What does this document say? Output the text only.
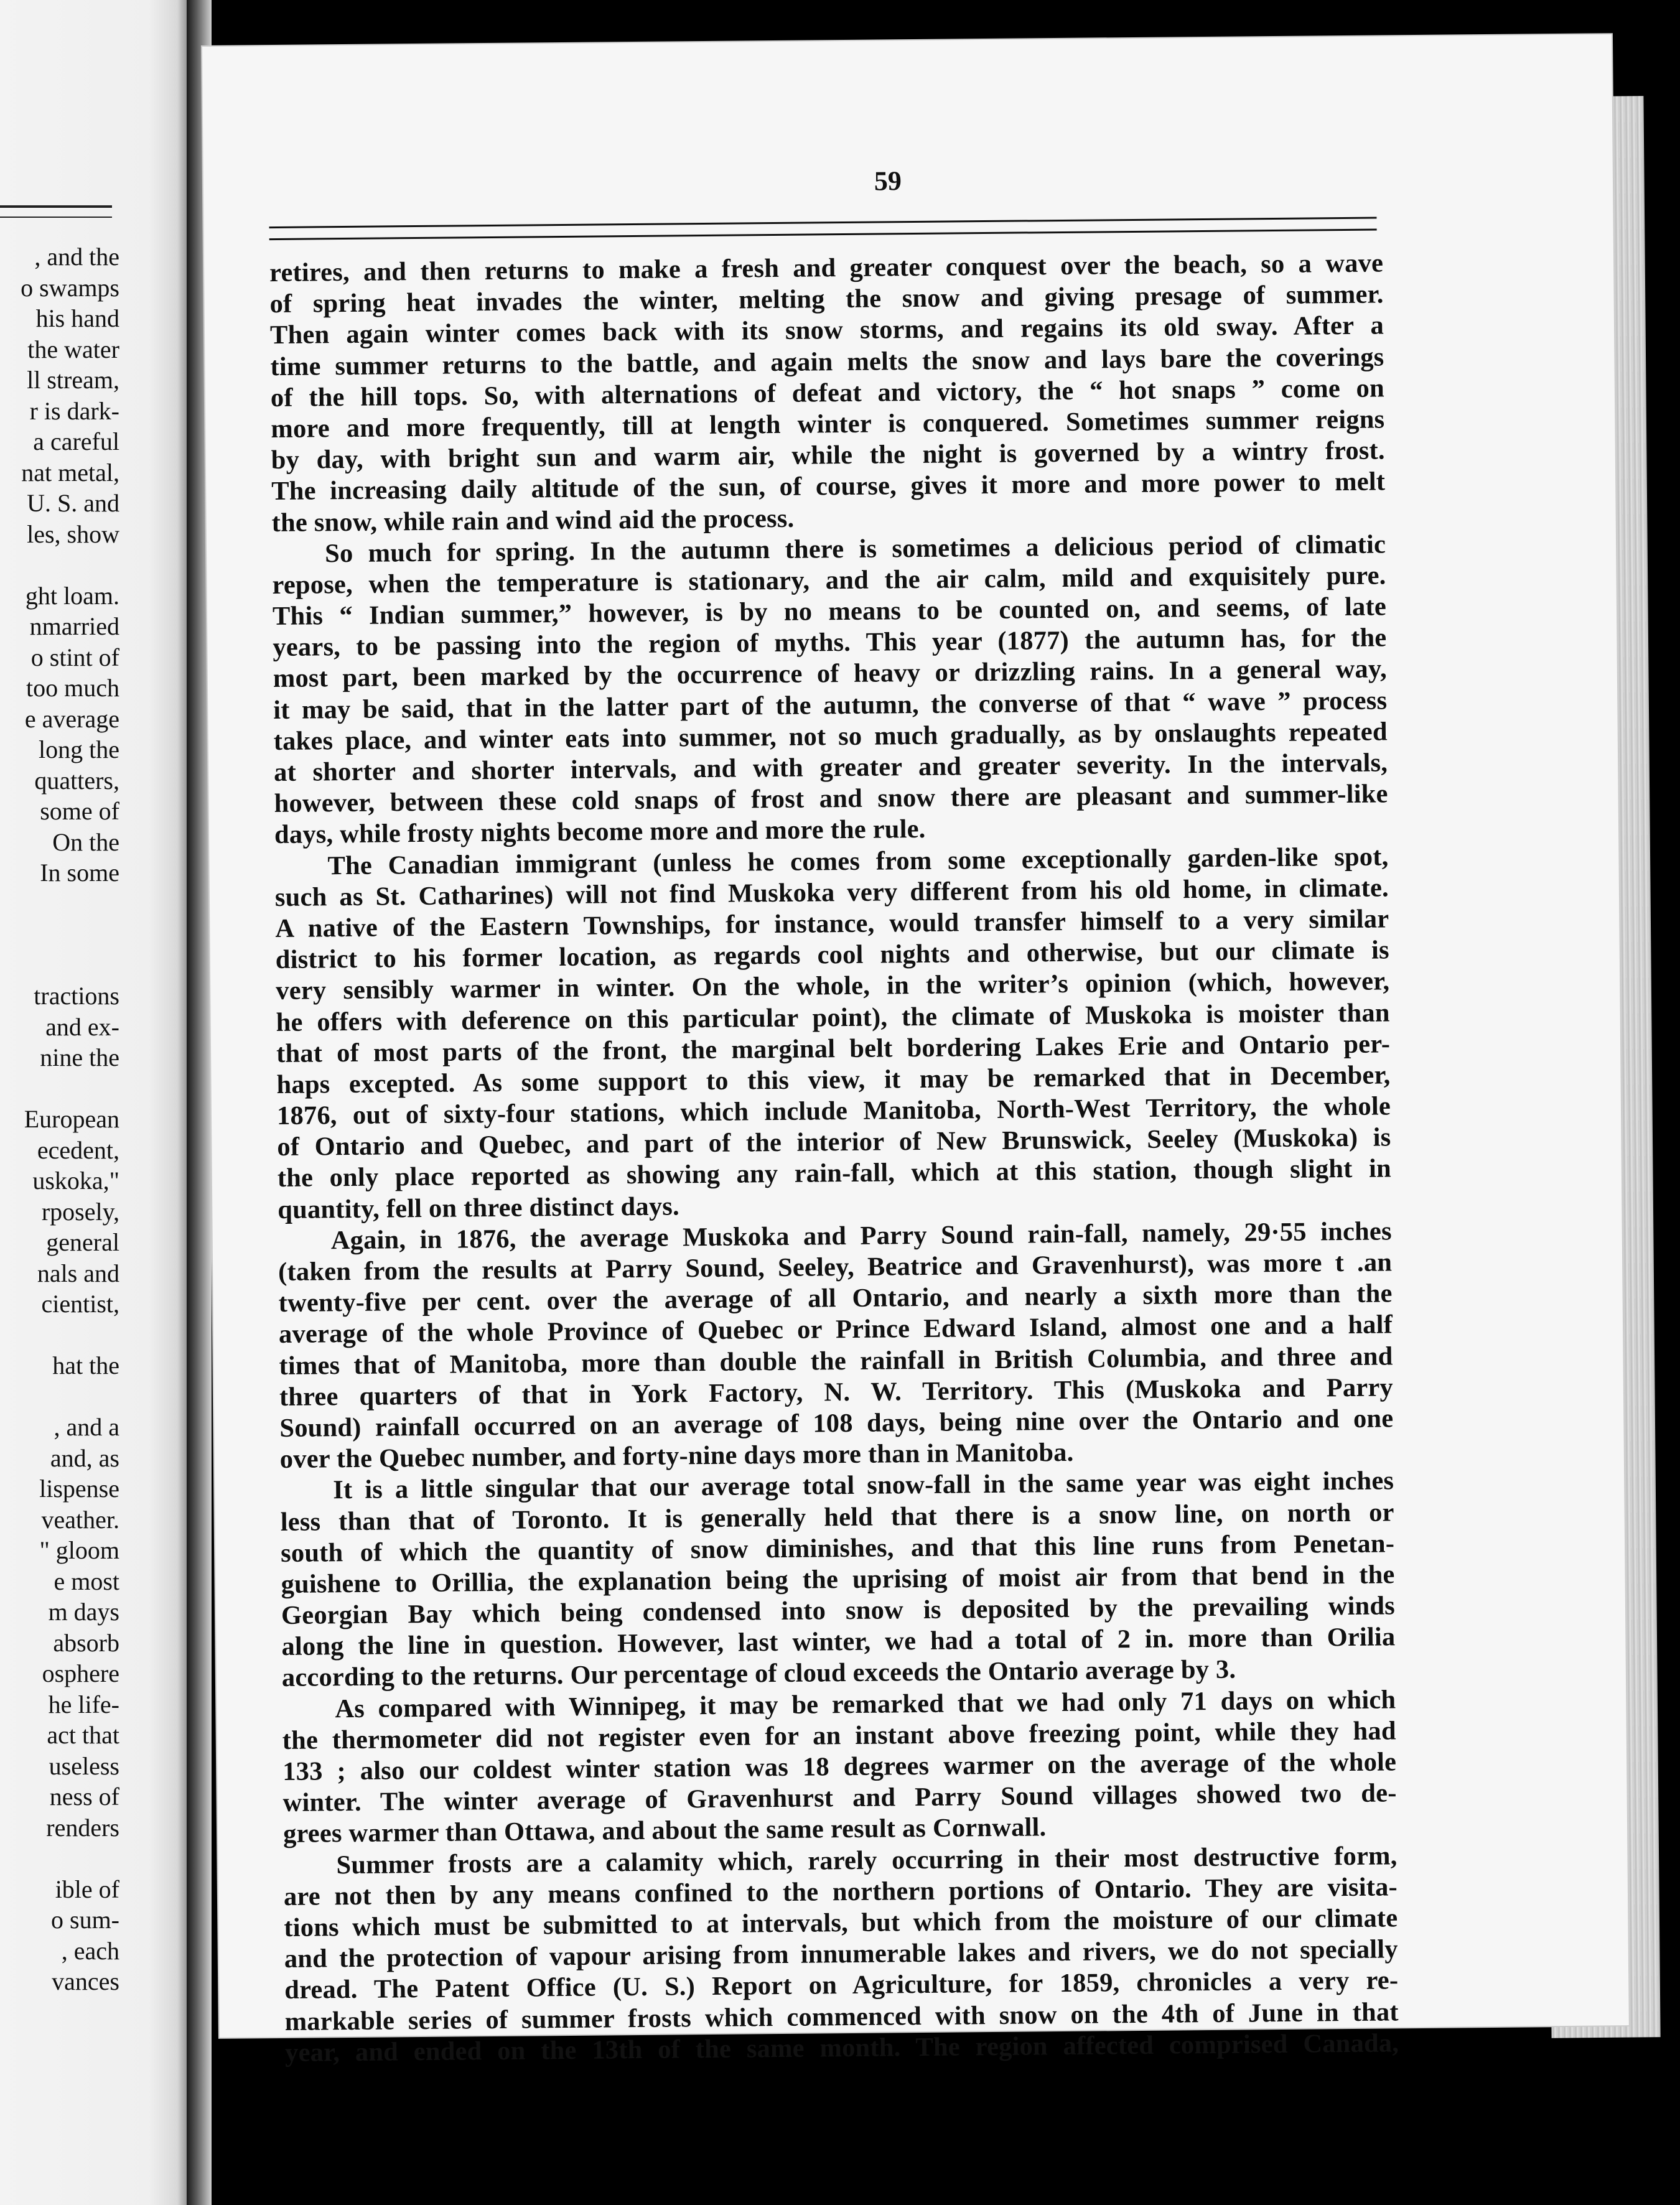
, and the
o swamps
his hand
the water
ll stream,
r is dark-
a careful
nat metal,
U. S. and
les, show
ght loam.
nmarried
o stint of
too much
e average
long the
quatters,
some of
On the
In some
tractions
and ex-
nine the
European
ecedent,
uskoka,"
rposely,
general
nals and
cientist,
hat the
, and a
and, as
lispense
veather.
" gloom
e most
m days
absorb
osphere
he life-
act that
useless
ness of
renders
ible of
o sum-
, each
vances
59
retires, and then returns to make a fresh and greater conquest over the beach, so a wave
of spring heat invades the winter, melting the snow and giving presage of summer.
Then again winter comes back with its snow storms, and regains its old sway. After a
time summer returns to the battle, and again melts the snow and lays bare the coverings
of the hill tops. So, with alternations of defeat and victory, the “ hot snaps ” come on
more and more frequently, till at length winter is conquered. Sometimes summer reigns
by day, with bright sun and warm air, while the night is governed by a wintry frost.
The increasing daily altitude of the sun, of course, gives it more and more power to melt
the snow, while rain and wind aid the process.
So much for spring. In the autumn there is sometimes a delicious period of climatic
repose, when the temperature is stationary, and the air calm, mild and exquisitely pure.
This “ Indian summer,” however, is by no means to be counted on, and seems, of late
years, to be passing into the region of myths. This year (1877) the autumn has, for the
most part, been marked by the occurrence of heavy or drizzling rains. In a general way,
it may be said, that in the latter part of the autumn, the converse of that “ wave ” process
takes place, and winter eats into summer, not so much gradually, as by onslaughts repeated
at shorter and shorter intervals, and with greater and greater severity. In the intervals,
however, between these cold snaps of frost and snow there are pleasant and summer-like
days, while frosty nights become more and more the rule.
The Canadian immigrant (unless he comes from some exceptionally garden-like spot,
such as St. Catharines) will not find Muskoka very different from his old home, in climate.
A native of the Eastern Townships, for instance, would transfer himself to a very similar
district to his former location, as regards cool nights and otherwise, but our climate is
very sensibly warmer in winter. On the whole, in the writer’s opinion (which, however,
he offers with deference on this particular point), the climate of Muskoka is moister than
that of most parts of the front, the marginal belt bordering Lakes Erie and Ontario per-
haps excepted. As some support to this view, it may be remarked that in December,
1876, out of sixty-four stations, which include Manitoba, North-West Territory, the whole
of Ontario and Quebec, and part of the interior of New Brunswick, Seeley (Muskoka) is
the only place reported as showing any rain-fall, which at this station, though slight in
quantity, fell on three distinct days.
Again, in 1876, the average Muskoka and Parry Sound rain-fall, namely, 29·55 inches
(taken from the results at Parry Sound, Seeley, Beatrice and Gravenhurst), was more t .an
twenty-five per cent. over the average of all Ontario, and nearly a sixth more than the
average of the whole Province of Quebec or Prince Edward Island, almost one and a half
times that of Manitoba, more than double the rainfall in British Columbia, and three and
three quarters of that in York Factory, N. W. Territory. This (Muskoka and Parry
Sound) rainfall occurred on an average of 108 days, being nine over the Ontario and one
over the Quebec number, and forty-nine days more than in Manitoba.
It is a little singular that our average total snow-fall in the same year was eight inches
less than that of Toronto. It is generally held that there is a snow line, on north or
south of which the quantity of snow diminishes, and that this line runs from Penetan-
guishene to Orillia, the explanation being the uprising of moist air from that bend in the
Georgian Bay which being condensed into snow is deposited by the prevailing winds
along the line in question. However, last winter, we had a total of 2 in. more than Orilia
according to the returns. Our percentage of cloud exceeds the Ontario average by 3.
As compared with Winnipeg, it may be remarked that we had only 71 days on which
the thermometer did not register even for an instant above freezing point, while they had
133 ; also our coldest winter station was 18 degrees warmer on the average of the whole
winter. The winter average of Gravenhurst and Parry Sound villages showed two de-
grees warmer than Ottawa, and about the same result as Cornwall.
Summer frosts are a calamity which, rarely occurring in their most destructive form,
are not then by any means confined to the northern portions of Ontario. They are visita-
tions which must be submitted to at intervals, but which from the moisture of our climate
and the protection of vapour arising from innumerable lakes and rivers, we do not specially
dread. The Patent Office (U. S.) Report on Agriculture, for 1859, chronicles a very re-
markable series of summer frosts which commenced with snow on the 4th of June in that
year, and ended on the 13th of the same month. The region affected comprised Canada,
